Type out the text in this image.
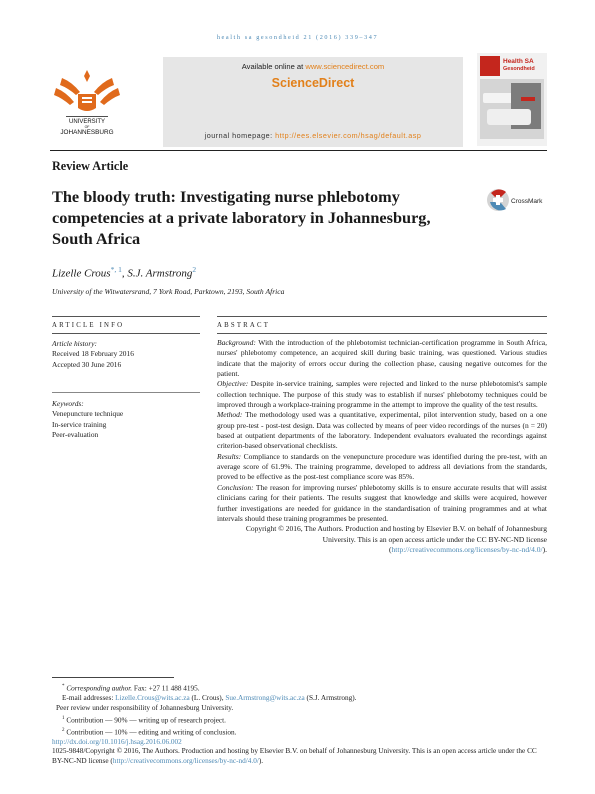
health sa gesondheid 21 (2016) 339–347
UNIVERSITY
OF
JOHANNESBURG
Available online at www.sciencedirect.com
ScienceDirect
journal homepage: http://ees.elsevier.com/hsag/default.asp
Health SA
Gesondheid
Review Article
The bloody truth: Investigating nurse phlebotomy competencies at a private laboratory in Johannesburg, South Africa
CrossMark
Lizelle Crous$^{*, 1}$, S.J. Armstrong$^2$
University of the Witwatersrand, 7 York Road, Parktown, 2193, South Africa
ARTICLE INFO
Article history:
Received 18 February 2016
Accepted 30 June 2016
Keywords:
Venepuncture technique
In-service training
Peer-evaluation
ABSTRACT

Background: With the introduction of the phlebotomist technician-certification programme in South Africa, nurses' phlebotomy competence, an acquired skill during basic training, was questioned. Various studies indicate that the majority of errors occur during the collection phase, causing negative outcomes for the patient.

Objective: Despite in-service training, samples were rejected and linked to the nurse phlebotomist's sample collection technique. The purpose of this study was to establish if nurses' phlebotomy techniques could be improved through a workplace-training programme in the attempt to improve the quality of the test results.

Method: The methodology used was a quantitative, experimental, pilot intervention study, based on a one group pre-test - post-test design. Data was collected by means of peer video recordings of the nurses (n = 20) based at outpatient departments of the laboratory. Independent evaluators evaluated the recordings against criterion-based observational checklists.

Results: Compliance to standards on the venepuncture procedure was identified during the pre-test, with an average score of 61.9%. The training programme, developed to address all deviations from the standards, proved to be effective as the post-test compliance score was 85%.

Conclusion: The reason for improving nurses' phlebotomy skills is to ensure accurate results that will assist clinicians caring for their patients. The results suggest that knowledge and skills were acquired, however further investigations are needed for guidance in the standardisation of training programmes and at what intervals should these training programmes be presented.

Copyright © 2016, The Authors. Production and hosting by Elsevier B.V. on behalf of Johannesburg University. This is an open access article under the CC BY-NC-ND license (http://creativecommons.org/licenses/by-nc-nd/4.0/).

* Corresponding author. Fax: +27 11 488 4195.

E-mail addresses: Lizelle.Crous@wits.ac.za (L. Crous), Sue.Armstrong@wits.ac.za (S.J. Armstrong).

Peer review under responsibility of Johannesburg University.

$^1$ Contribution — 90% — writing up of research project.

$^2$ Contribution — 10% — editing and writing of conclusion.

http://dx.doi.org/10.1016/j.hsag.2016.06.002

1025-9848/Copyright © 2016, The Authors. Production and hosting by Elsevier B.V. on behalf of Johannesburg University. This is an open access article under the CC BY-NC-ND license (http://creativecommons.org/licenses/by-nc-nd/4.0/).
